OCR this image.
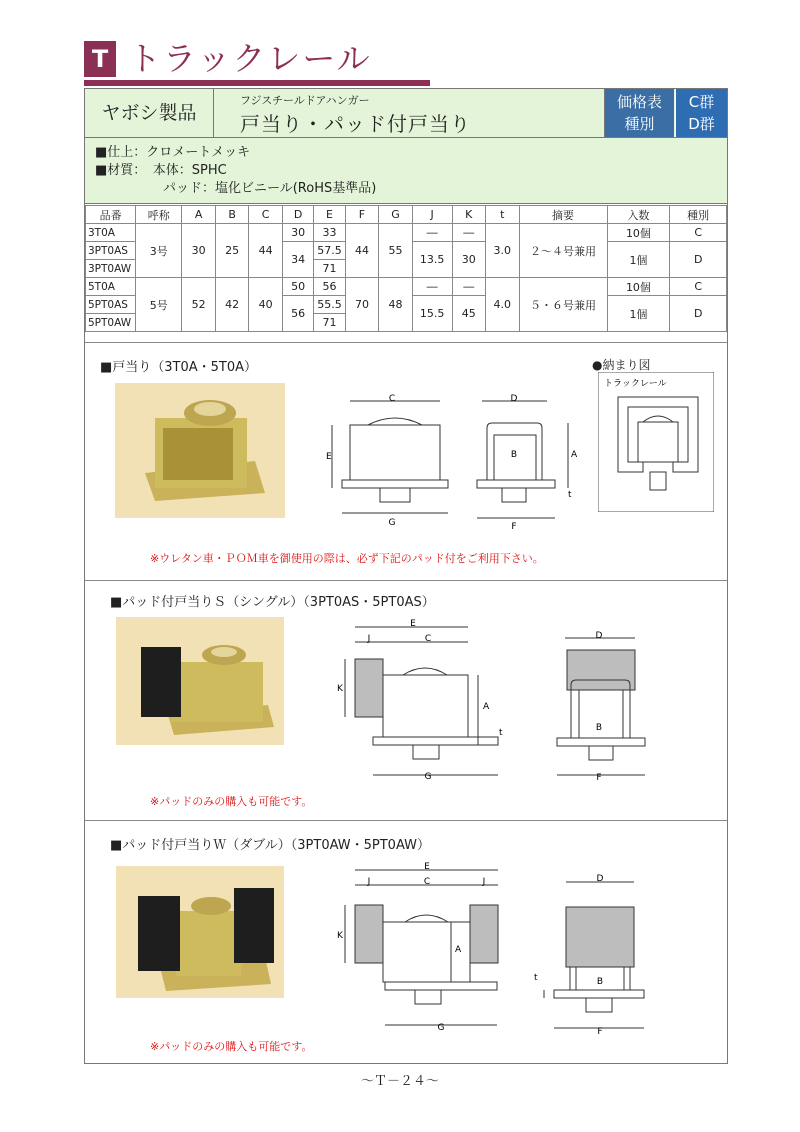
T トラックレール
ヤボシ製品
フジスチールドアハンガー
戸当り・パッド付戸当り
価格表
種別
C群
D群
■仕上：クロメートメッキ
■材質：　本体：SPHC
パッド：塩化ビニール(RoHS基準品)
品番	呼称	A	B	C	D	E	F	G	J	K	t	摘要	入数	種別
3T0A	3号	30	25	44	30	33	44	55	―	―	3.0	２～４号兼用	10個	C
3PT0AS					34	57.5			13.5	30			1個	D
3PT0AW						71								
5T0A	5号	52	42	40	50	56	70	48	―	―	4.0	５・６号兼用	10個	C
5PT0AS					56	55.5			15.5	45			1個	D
5PT0AW						71								
■戸当り（3T0A・5T0A）	●納まり図
C
E
G
D
B	A
t
F
トラックレール
※ウレタン車・ＰＯＭ車を御使用の際は、必ず下記のパッド付をご利用下さい。
■パッド付戸当りＳ（シングル）（3PT0AS・5PT0AS）
E
J	C
K
A
t
G
D
B
F
※パッドのみの購入も可能です。
■パッド付戸当りＷ（ダブル）（3PT0AW・5PT0AW）
E
J	C	J
K
A
G
D
B
t
F
※パッドのみの購入も可能です。
～Ｔ－２４～
